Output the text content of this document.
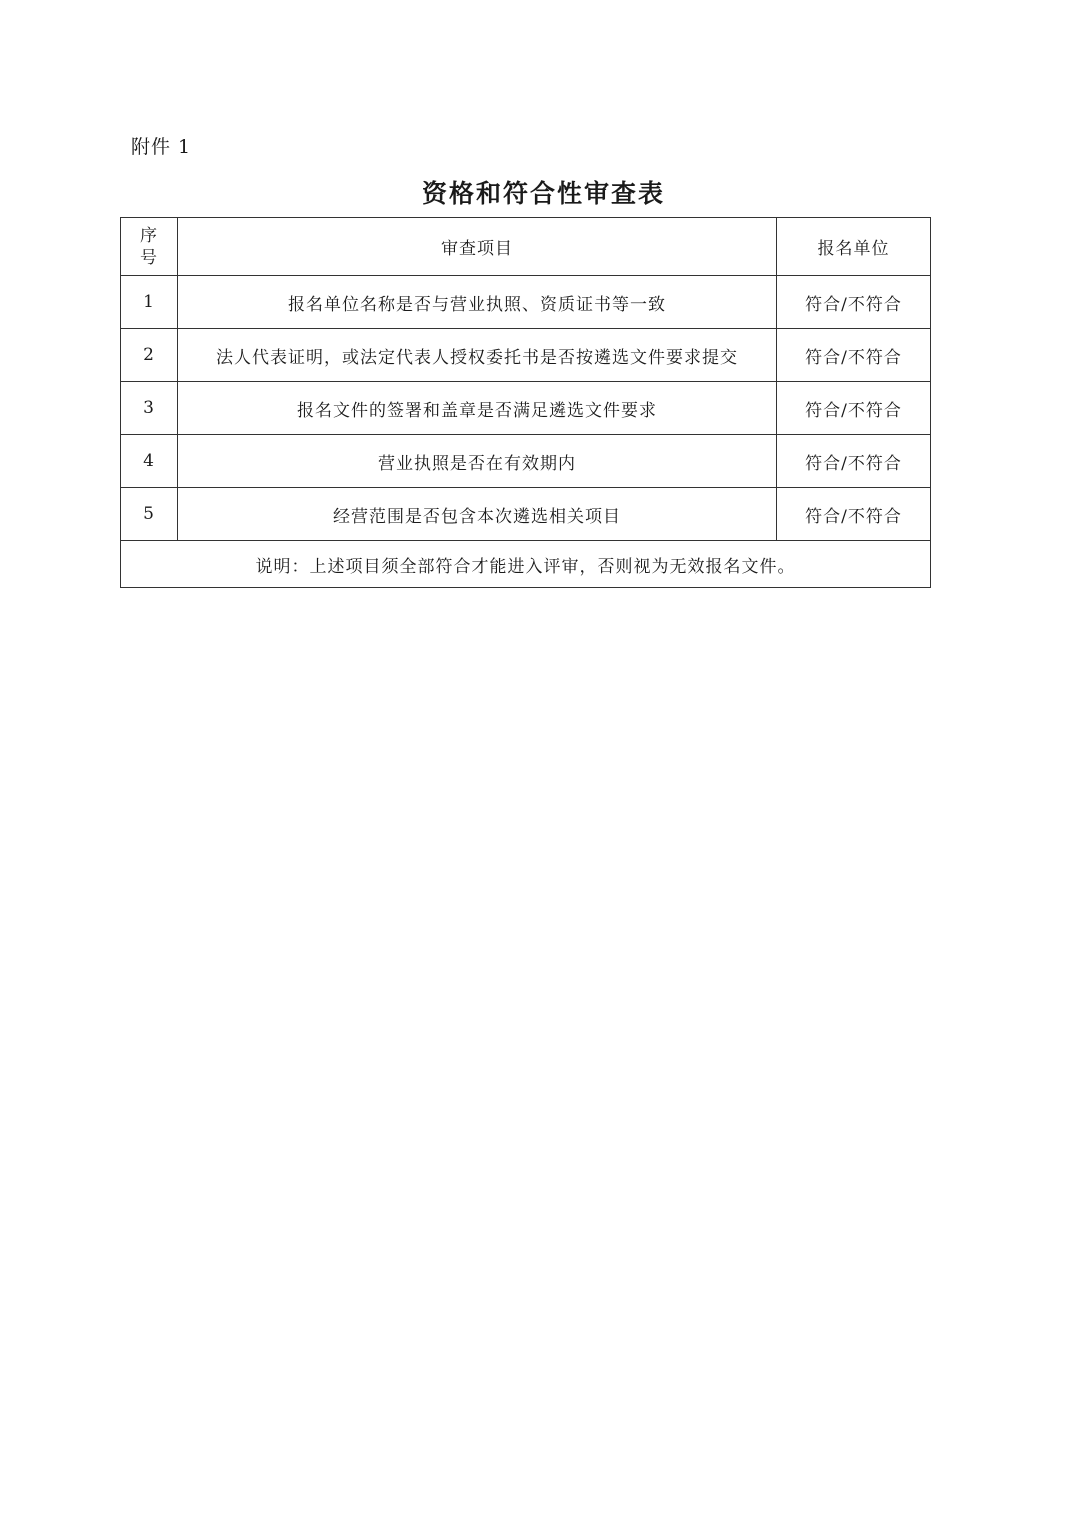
附件 1
资格和符合性审查表
序
号	审查项目	报名单位
1	报名单位名称是否与营业执照、资质证书等一致	符合/不符合
2	法人代表证明，或法定代表人授权委托书是否按遴选文件要求提交	符合/不符合
3	报名文件的签署和盖章是否满足遴选文件要求	符合/不符合
4	营业执照是否在有效期内	符合/不符合
5	经营范围是否包含本次遴选相关项目	符合/不符合
说明：上述项目须全部符合才能进入评审，否则视为无效报名文件。		
